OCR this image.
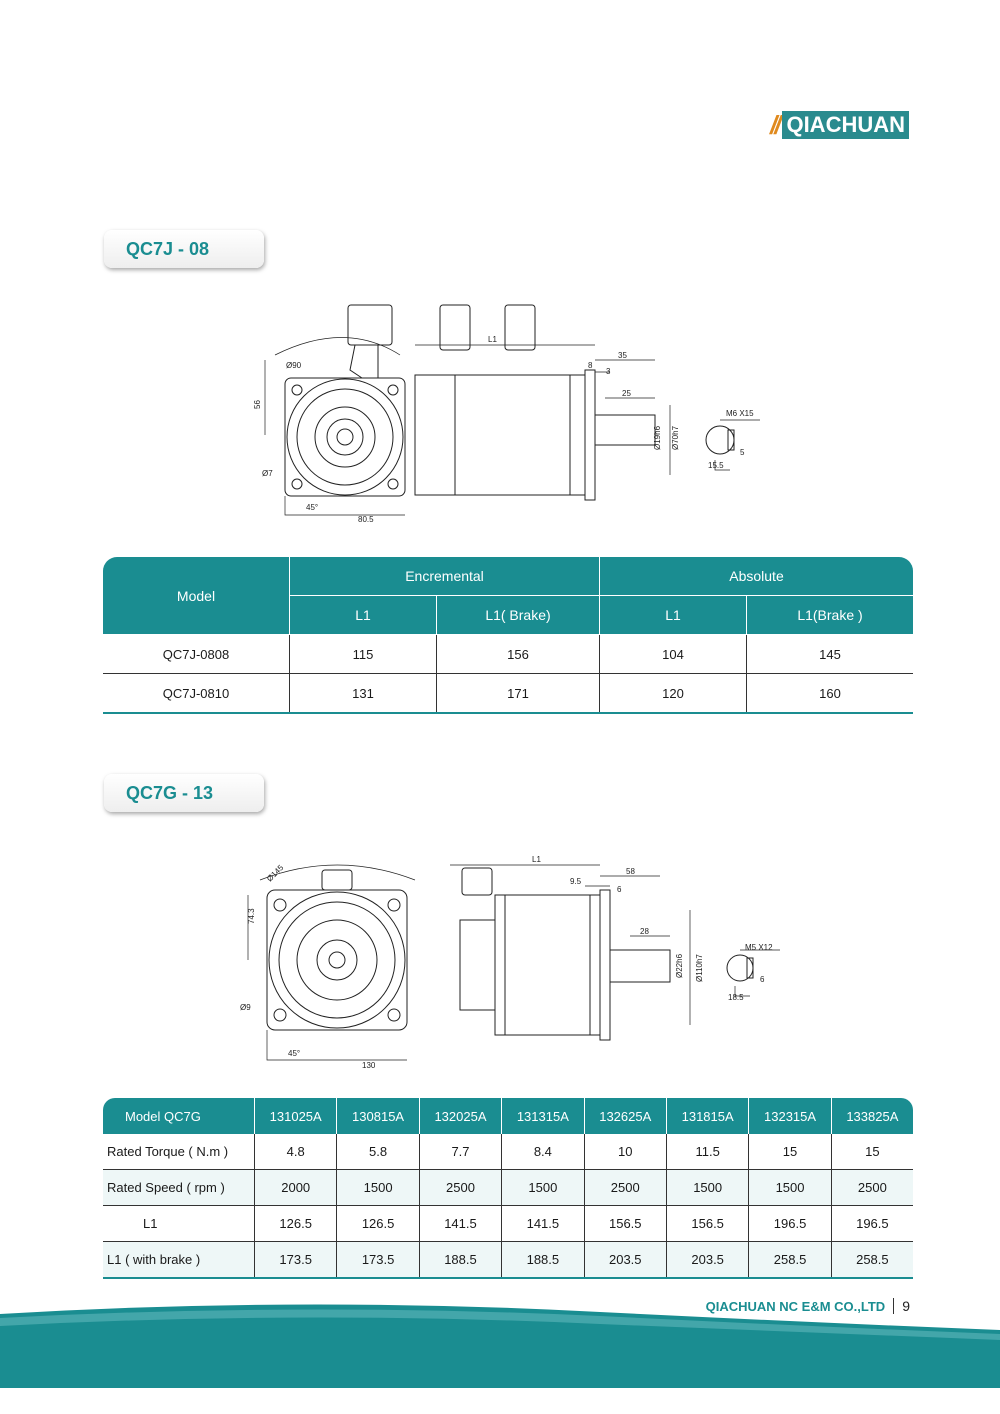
// QIACHUAN
QC7J - 08
L1
35
8
3
25
M6 X15
15.5
5
56
Ø90
Ø7
45°
80.5
Ø19h6 Ø70h7
Model	Encremental		Absolute	
	L1	L1( Brake)	L1	L1(Brake )
QC7J-0808	115	156	104	145
QC7J-0810	131	171	120	160
QC7G - 13
L1
58
9.5
6
28
M5 X12
18.5
6
Ø145
74.3
Ø9
45°
130
Ø22h6 Ø110h7
Model QC7G	131025A	130815A	132025A	131315A	132625A	131815A	132315A	133825A
Rated Torque ( N.m )	4.8	5.8	7.7	8.4	10	11.5	15	15
Rated Speed ( rpm )	2000	1500	2500	1500	2500	1500	1500	2500
L1	126.5	126.5	141.5	141.5	156.5	156.5	196.5	196.5
L1 ( with brake )	173.5	173.5	188.5	188.5	203.5	203.5	258.5	258.5
QIACHUAN NC E&M CO.,LTD 9
